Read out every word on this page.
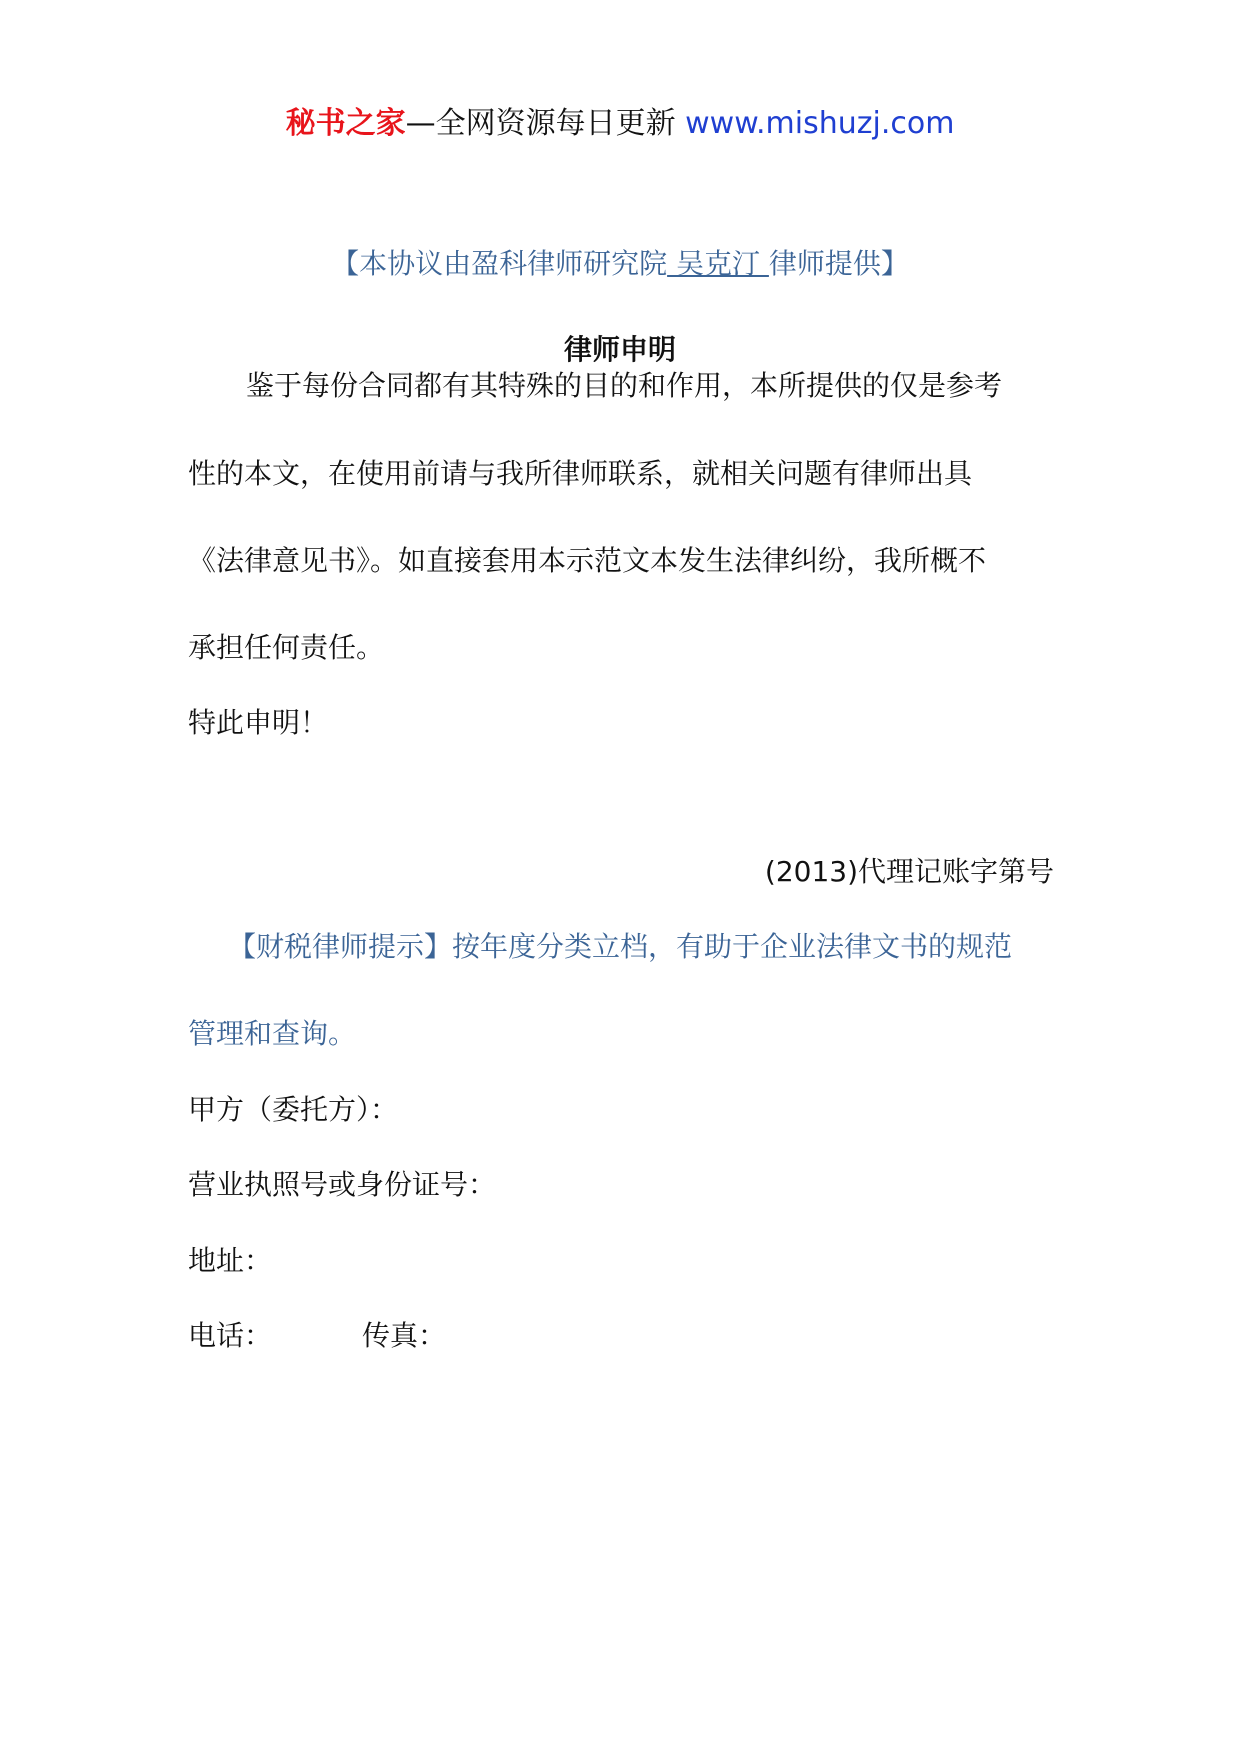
秘书之家—全网资源每日更新 www.mishuzj.com
【本协议由盈科律师研究院 吴克汀 律师提供】
律师申明
鉴于每份合同都有其特殊的目的和作用，本所提供的仅是参考
性的本文，在使用前请与我所律师联系，就相关问题有律师出具
《法律意见书》。如直接套用本示范文本发生法律纠纷，我所概不
承担任何责任。
特此申明！
(2013)代理记账字第号
【财税律师提示】按年度分类立档，有助于企业法律文书的规范
管理和查询。
甲方（委托方）：
营业执照号或身份证号：
地址：
电话：	传真：
